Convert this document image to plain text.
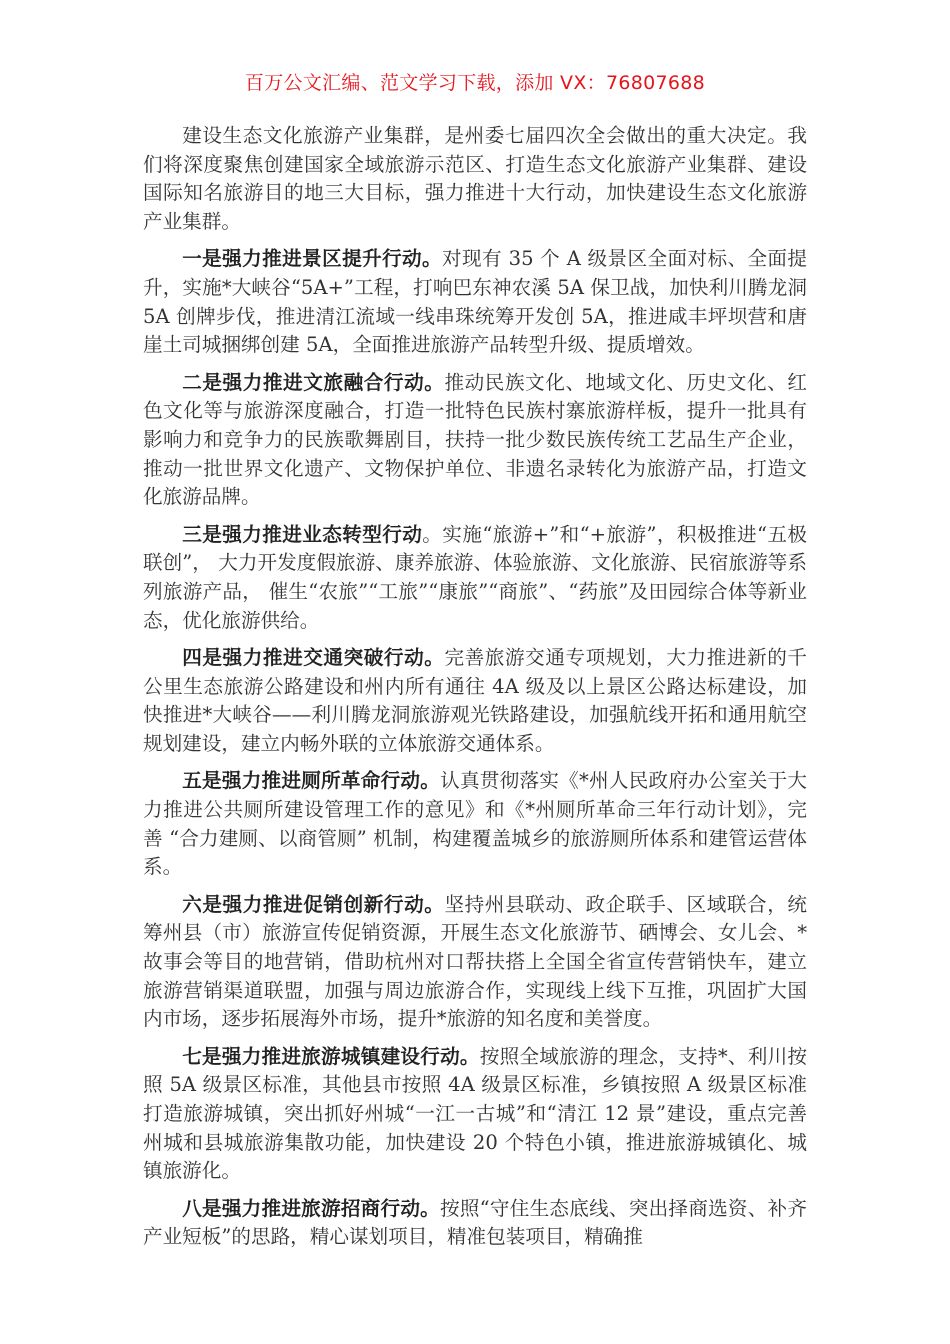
百万公文汇编、范文学习下载，添加 VX：76807688

建设生态文化旅游产业集群，是州委七届四次全会做出的重大决定。我们将深度聚焦创建国家全域旅游示范区、打造生态文化旅游产业集群、建设国际知名旅游目的地三大目标，强力推进十大行动，加快建设生态文化旅游产业集群。

一是强力推进景区提升行动。对现有 35 个 A 级景区全面对标、全面提升，实施*大峡谷“5A+”工程，打响巴东神农溪 5A 保卫战，加快利川腾龙洞 5A 创牌步伐，推进清江流域一线串珠统筹开发创 5A，推进咸丰坪坝营和唐崖土司城捆绑创建 5A，全面推进旅游产品转型升级、提质增效。

二是强力推进文旅融合行动。推动民族文化、地域文化、历史文化、红色文化等与旅游深度融合，打造一批特色民族村寨旅游样板，提升一批具有影响力和竞争力的民族歌舞剧目，扶持一批少数民族传统工艺品生产企业，推动一批世界文化遗产、文物保护单位、非遗名录转化为旅游产品，打造文化旅游品牌。

三是强力推进业态转型行动。实施“旅游+”和“+旅游”，积极推进“五极联创”， 大力开发度假旅游、康养旅游、体验旅游、文化旅游、民宿旅游等系列旅游产品， 催生“农旅”“工旅”“康旅”“商旅”、“药旅”及田园综合体等新业态，优化旅游供给。

四是强力推进交通突破行动。完善旅游交通专项规划，大力推进新的千公里生态旅游公路建设和州内所有通往 4A 级及以上景区公路达标建设，加快推进*大峡谷——利川腾龙洞旅游观光铁路建设，加强航线开拓和通用航空规划建设，建立内畅外联的立体旅游交通体系。

五是强力推进厕所革命行动。认真贯彻落实《*州人民政府办公室关于大力推进公共厕所建设管理工作的意见》和《*州厕所革命三年行动计划》，完善 “合力建厕、以商管厕” 机制，构建覆盖城乡的旅游厕所体系和建管运营体系。

六是强力推进促销创新行动。坚持州县联动、政企联手、区域联合，统筹州县（市）旅游宣传促销资源，开展生态文化旅游节、硒博会、女儿会、*故事会等目的地营销，借助杭州对口帮扶搭上全国全省宣传营销快车，建立旅游营销渠道联盟，加强与周边旅游合作，实现线上线下互推，巩固扩大国内市场，逐步拓展海外市场，提升*旅游的知名度和美誉度。

七是强力推进旅游城镇建设行动。按照全域旅游的理念，支持*、利川按照 5A 级景区标准，其他县市按照 4A 级景区标准，乡镇按照 A 级景区标准打造旅游城镇，突出抓好州城“一江一古城”和“清江 12 景”建设，重点完善州城和县城旅游集散功能，加快建设 20 个特色小镇，推进旅游城镇化、城镇旅游化。

八是强力推进旅游招商行动。按照“守住生态底线、突出择商选资、补齐产业短板”的思路，精心谋划项目，精准包装项目，精确推
